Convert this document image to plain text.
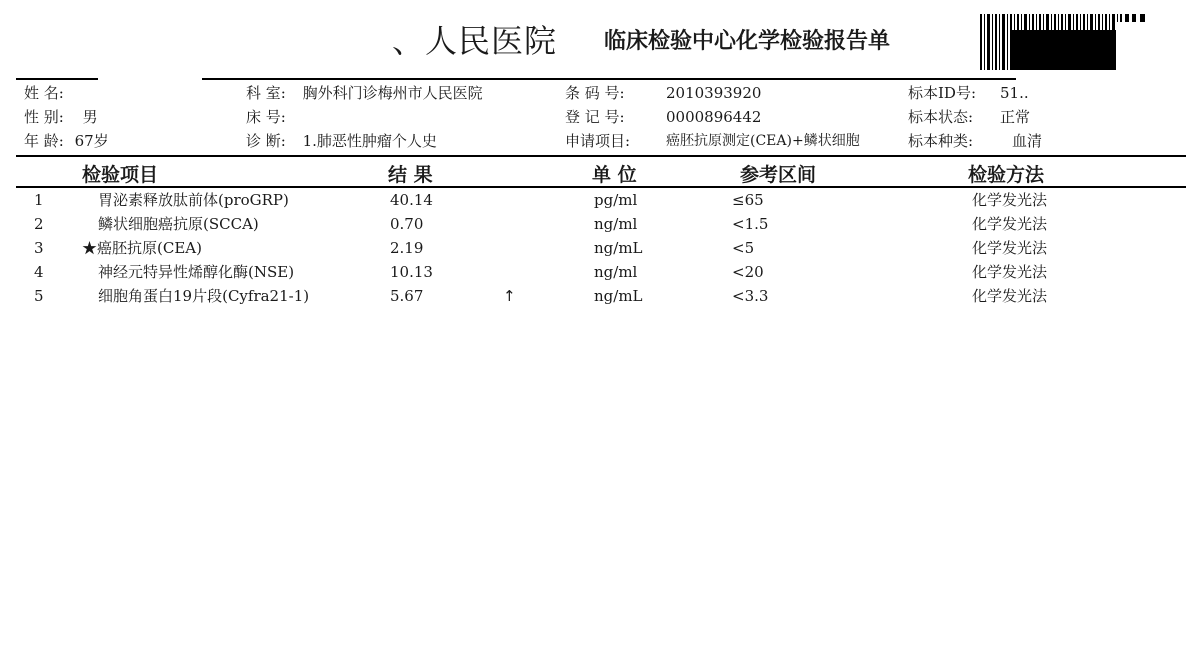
、人民医院 临床检验中心化学检验报告单
姓 名:
性 别: 男
年 龄: 67岁
科 室: 胸外科门诊梅州市人民医院
床 号:
诊 断: 1.肺恶性肿瘤个人史
条 码 号:	2010393920
登 记 号:	0000896442
申请项目:	癌胚抗原测定(CEA)+鳞状细胞
标本ID号: 51..
标本状态: 正常
标本种类:	血清
检验项目	结 果	单 位	参考区间	检验方法
1	胃泌素释放肽前体(proGRP)	40.14	pg/ml	≤65	化学发光法
2	鳞状细胞癌抗原(SCCA)	0.70	ng/ml	<1.5	化学发光法
3	★癌胚抗原(CEA)	2.19	ng/mL	<5	化学发光法
4	神经元特异性烯醇化酶(NSE)	10.13	ng/ml	<20	化学发光法
5	细胞角蛋白19片段(Cyfra21-1)	5.67	↑	ng/mL	<3.3	化学发光法
